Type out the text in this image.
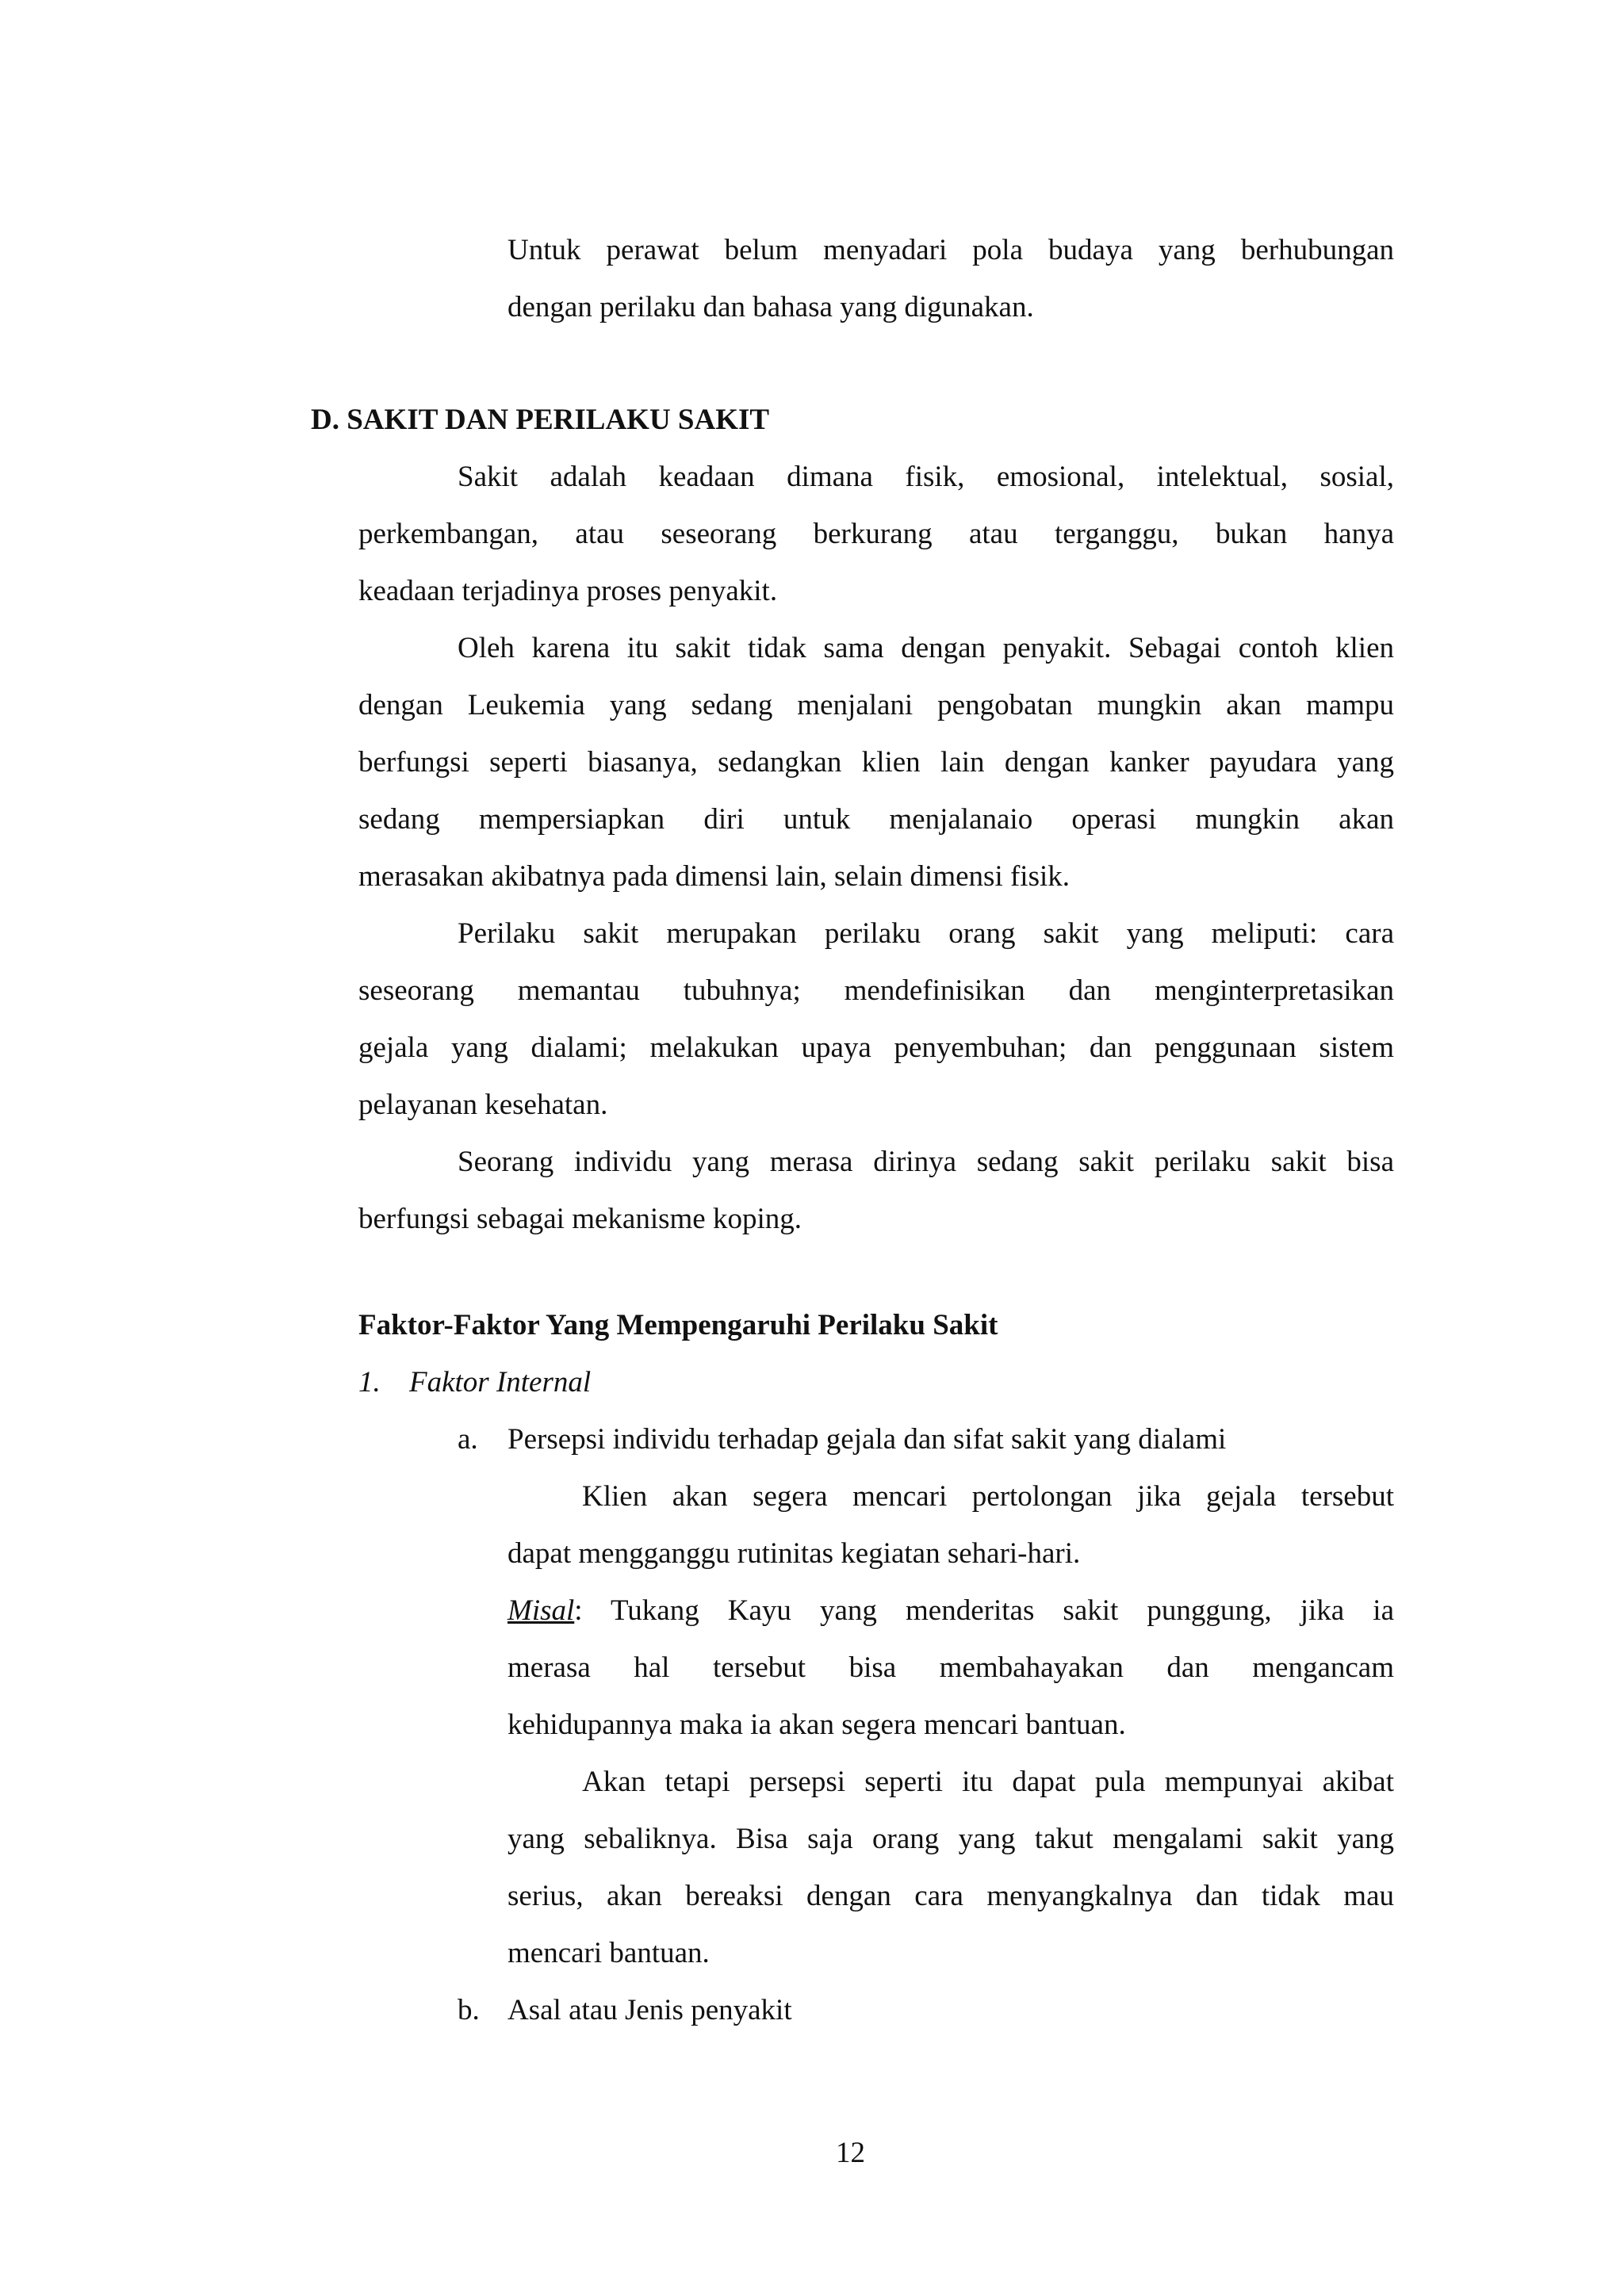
Untuk perawat belum menyadari pola budaya yang berhubungan
dengan perilaku dan bahasa yang digunakan.
D. SAKIT DAN PERILAKU SAKIT
Sakit adalah keadaan dimana fisik, emosional, intelektual, sosial,
perkembangan, atau seseorang berkurang atau terganggu, bukan hanya
keadaan terjadinya proses penyakit.
Oleh karena itu sakit tidak sama dengan penyakit. Sebagai contoh klien
dengan Leukemia yang sedang menjalani pengobatan mungkin akan mampu
berfungsi seperti biasanya, sedangkan klien lain dengan kanker payudara yang
sedang mempersiapkan diri untuk menjalanaio operasi mungkin akan
merasakan akibatnya pada dimensi lain, selain dimensi fisik.
Perilaku sakit merupakan perilaku orang sakit yang meliputi: cara
seseorang memantau tubuhnya; mendefinisikan dan menginterpretasikan
gejala yang dialami; melakukan upaya penyembuhan; dan penggunaan sistem
pelayanan kesehatan.
Seorang individu yang merasa dirinya sedang sakit perilaku sakit bisa
berfungsi sebagai mekanisme koping.
Faktor-Faktor Yang Mempengaruhi Perilaku Sakit
1. Faktor Internal
a. Persepsi individu terhadap gejala dan sifat sakit yang dialami
Klien akan segera mencari pertolongan jika gejala tersebut
dapat mengganggu rutinitas kegiatan sehari-hari.
Misal : Tukang Kayu yang menderitas sakit punggung, jika ia
merasa hal tersebut bisa membahayakan dan mengancam
kehidupannya maka ia akan segera mencari bantuan.
Akan tetapi persepsi seperti itu dapat pula mempunyai akibat
yang sebaliknya. Bisa saja orang yang takut mengalami sakit yang
serius, akan bereaksi dengan cara menyangkalnya dan tidak mau
mencari bantuan.
b. Asal atau Jenis penyakit
12
